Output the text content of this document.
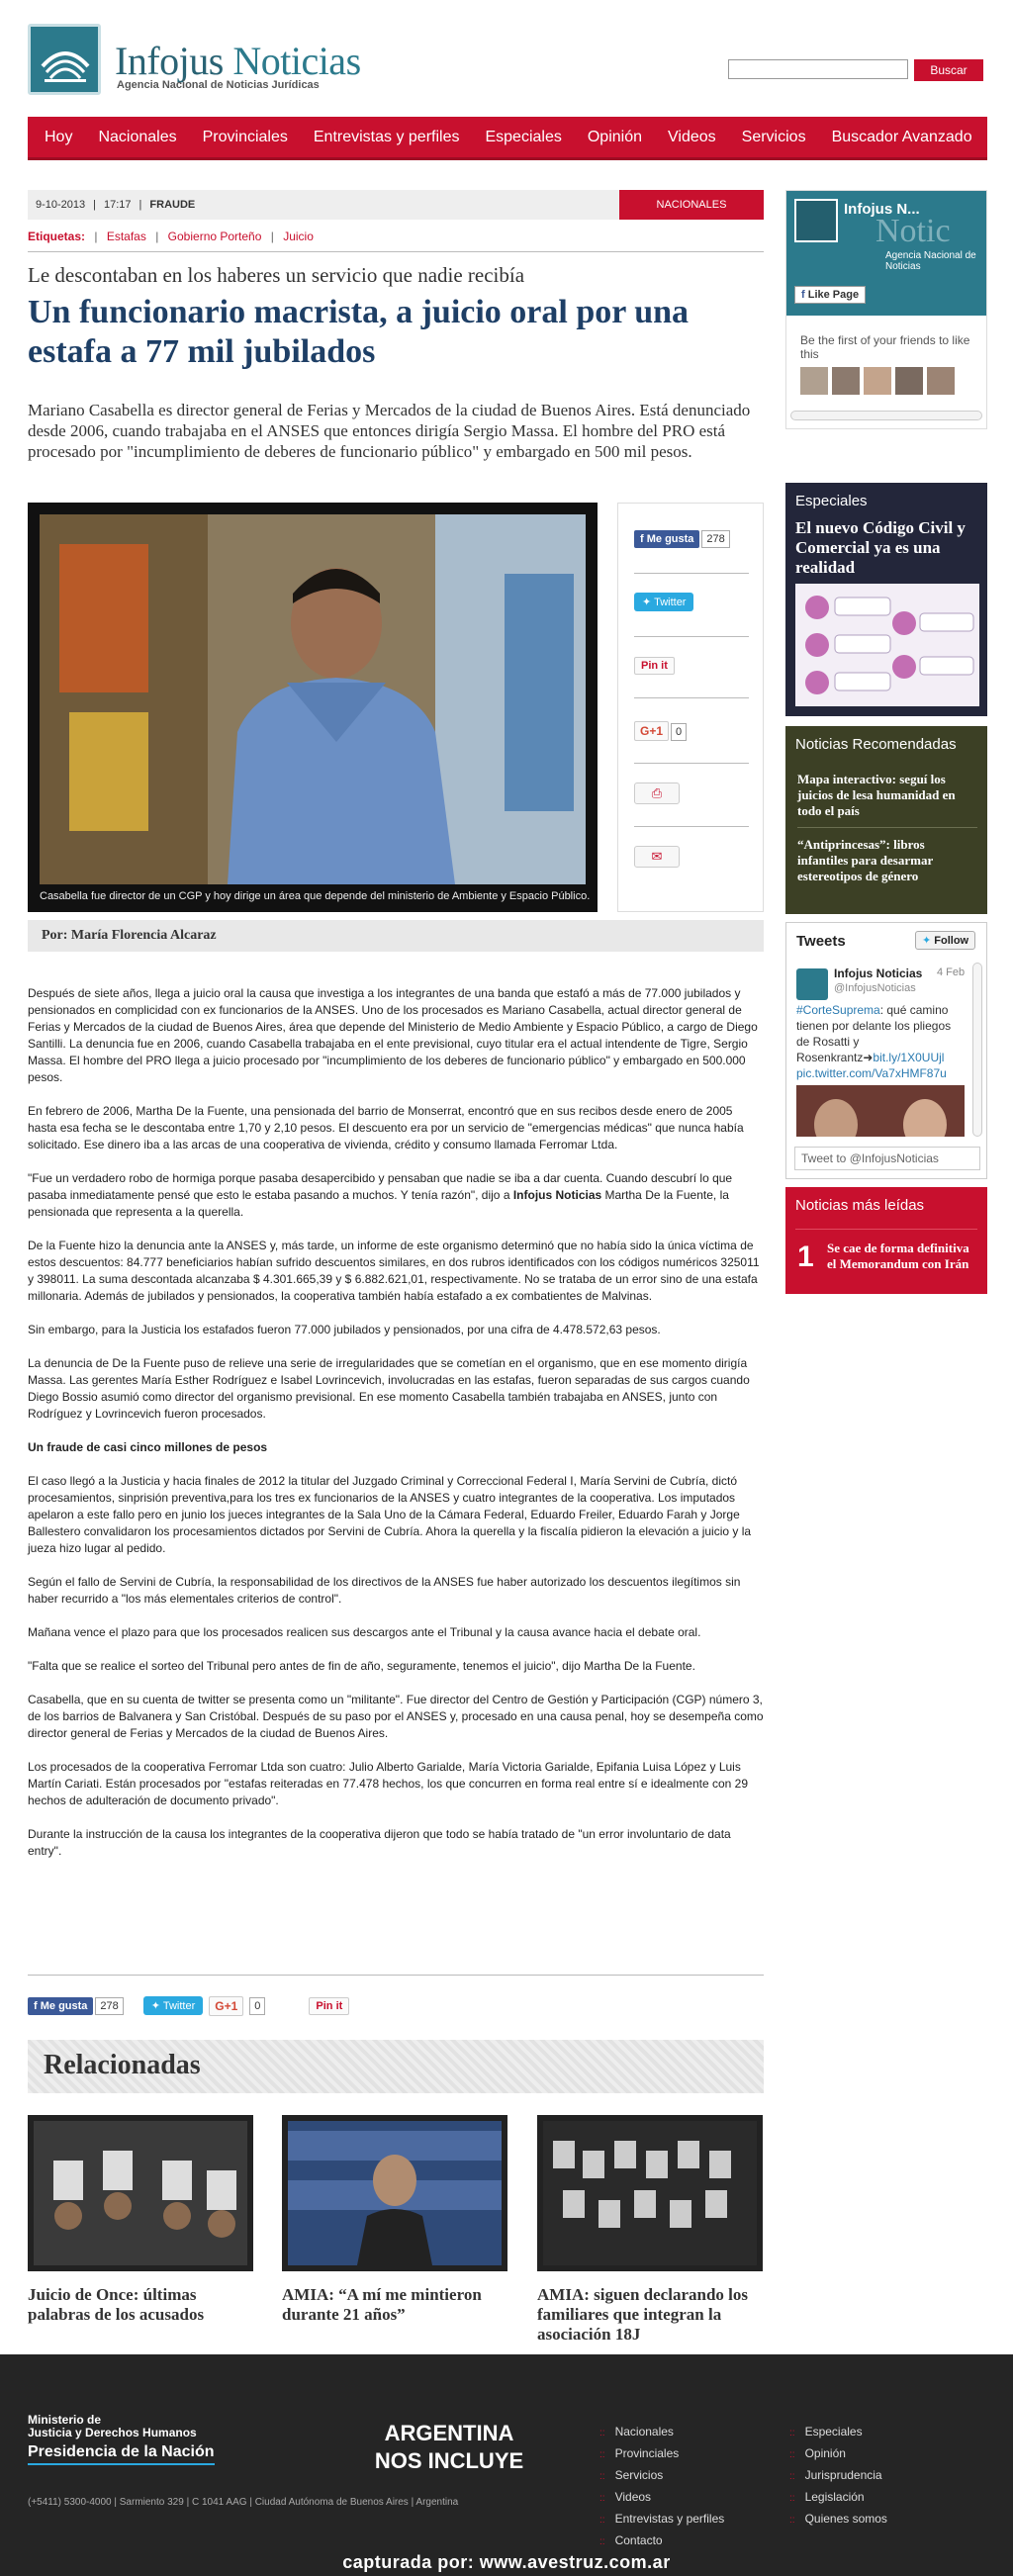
Infojus Noticias
Agencia Nacional de Noticias Jurídicas
Buscar
Hoy	Nacionales	Provinciales	Entrevistas y perfiles	Especiales	Opinión	Videos	Servicios	Buscador Avanzado
9-10-2013 | 17:17 | FRAUDE	NACIONALES
Etiquetas: | Estafas | Gobierno Porteño | Juicio
Le descontaban en los haberes un servicio que nadie recibía
Un funcionario macrista, a juicio oral por una estafa a 77 mil jubilados
Mariano Casabella es director general de Ferias y Mercados de la ciudad de Buenos Aires. Está denunciado desde 2006, cuando trabajaba en el ANSES que entonces dirigía Sergio Massa. El hombre del PRO está procesado por "incumplimiento de deberes de funcionario público" y embargado en 500 mil pesos.
Casabella fue director de un CGP y hoy dirige un área que depende del ministerio de Ambiente y Espacio Público.
f Me gusta 278
✦ Twitter
Pin it
G+1 0
⎙
✉
Por: María Florencia Alcaraz

Después de siete años, llega a juicio oral la causa que investiga a los integrantes de una banda que estafó a más de 77.000 jubilados y pensionados en complicidad con ex funcionarios de la ANSES. Uno de los procesados es Mariano Casabella, actual director general de Ferias y Mercados de la ciudad de Buenos Aires, área que depende del Ministerio de Medio Ambiente y Espacio Público, a cargo de Diego Santilli. La denuncia fue en 2006, cuando Casabella trabajaba en el ente previsional, cuyo titular era el actual intendente de Tigre, Sergio Massa. El hombre del PRO llega a juicio procesado por "incumplimiento de los deberes de funcionario público" y embargado en 500.000 pesos.

En febrero de 2006, Martha De la Fuente, una pensionada del barrio de Monserrat, encontró que en sus recibos desde enero de 2005 hasta esa fecha se le descontaba entre 1,70 y 2,10 pesos. El descuento era por un servicio de "emergencias médicas" que nunca había solicitado. Ese dinero iba a las arcas de una cooperativa de vivienda, crédito y consumo llamada Ferromar Ltda.

"Fue un verdadero robo de hormiga porque pasaba desapercibido y pensaban que nadie se iba a dar cuenta. Cuando descubrí lo que pasaba inmediatamente pensé que esto le estaba pasando a muchos. Y tenía razón", dijo a Infojus Noticias Martha De la Fuente, la pensionada que representa a la querella.

De la Fuente hizo la denuncia ante la ANSES y, más tarde, un informe de este organismo determinó que no había sido la única víctima de estos descuentos: 84.777 beneficiarios habían sufrido descuentos similares, en dos rubros identificados con los códigos numéricos 325011 y 398011. La suma descontada alcanzaba $ 4.301.665,39 y $ 6.882.621,01, respectivamente. No se trataba de un error sino de una estafa millonaria. Además de jubilados y pensionados, la cooperativa también había estafado a ex combatientes de Malvinas.

Sin embargo, para la Justicia los estafados fueron 77.000 jubilados y pensionados, por una cifra de 4.478.572,63 pesos.

La denuncia de De la Fuente puso de relieve una serie de irregularidades que se cometían en el organismo, que en ese momento dirigía Massa. Las gerentes María Esther Rodríguez e Isabel Lovrincevich, involucradas en las estafas, fueron separadas de sus cargos cuando Diego Bossio asumió como director del organismo previsional. En ese momento Casabella también trabajaba en ANSES, junto con Rodríguez y Lovrincevich fueron procesados.

Un fraude de casi cinco millones de pesos

El caso llegó a la Justicia y hacia finales de 2012 la titular del Juzgado Criminal y Correccional Federal I, María Servini de Cubría, dictó procesamientos, sinprisión preventiva,para los tres ex funcionarios de la ANSES y cuatro integrantes de la cooperativa. Los imputados apelaron a este fallo pero en junio los jueces integrantes de la Sala Uno de la Cámara Federal, Eduardo Freiler, Eduardo Farah y Jorge Ballestero convalidaron los procesamientos dictados por Servini de Cubría. Ahora la querella y la fiscalía pidieron la elevación a juicio y la jueza hizo lugar al pedido.

Según el fallo de Servini de Cubría, la responsabilidad de los directivos de la ANSES fue haber autorizado los descuentos ilegítimos sin haber recurrido a "los más elementales criterios de control".

Mañana vence el plazo para que los procesados realicen sus descargos ante el Tribunal y la causa avance hacia el debate oral.

"Falta que se realice el sorteo del Tribunal pero antes de fin de año, seguramente, tenemos el juicio", dijo Martha De la Fuente.

Casabella, que en su cuenta de twitter se presenta como un "militante". Fue director del Centro de Gestión y Participación (CGP) número 3, de los barrios de Balvanera y San Cristóbal. Después de su paso por el ANSES y, procesado en una causa penal, hoy se desempeña como director general de Ferias y Mercados de la ciudad de Buenos Aires.

Los procesados de la cooperativa Ferromar Ltda son cuatro: Julio Alberto Garialde, María Victoria Garialde, Epifania Luisa López y Luis Martín Cariati. Están procesados por "estafas reiteradas en 77.478 hechos, los que concurren en forma real entre sí e idealmente con 29 hechos de adulteración de documento privado".

Durante la instrucción de la causa los integrantes de la cooperativa dijeron que todo se había tratado de "un error involuntario de data entry".

f Me gusta	278	✦ Twitter	G+1	0	Pin it
Relacionadas
Juicio de Once: últimas palabras de los acusados
AMIA: “A mí me mintieron durante 21 años”
AMIA: siguen declarando los familiares que integran la asociación 18J
Notic
Infojus N...
Agencia Nacional de Noticias
f Like Page
Be the first of your friends to like this
Especiales
El nuevo Código Civil y Comercial ya es una realidad
Noticias Recomendadas
Mapa interactivo: seguí los juicios de lesa humanidad en todo el país
“Antiprincesas”: libros infantiles para desarmar estereotipos de género
Tweets	✦ Follow
Infojus Noticias
@InfojusNoticias
4 Feb
#CorteSuprema: qué camino tienen por delante los pliegos de Rosatti y Rosenkrantz➜bit.ly/1X0UUjl
pic.twitter.com/Va7xHMF87u
Tweet to @InfojusNoticias
Noticias más leídas
1 Se cae de forma definitiva el Memorandum con Irán
Ministerio de
Justicia y Derechos Humanos
Presidencia de la Nación
(+5411) 5300-4000 | Sarmiento 329 | C 1041 AAG | Ciudad Autónoma de Buenos Aires | Argentina
ARGENTINA
NOS INCLUYE
:: Nacionales
:: Provinciales
:: Servicios
:: Videos
:: Entrevistas y perfiles
:: Contacto
:: Especiales
:: Opinión
:: Jurisprudencia
:: Legislación
:: Quienes somos
capturada por: www.avestruz.com.ar
